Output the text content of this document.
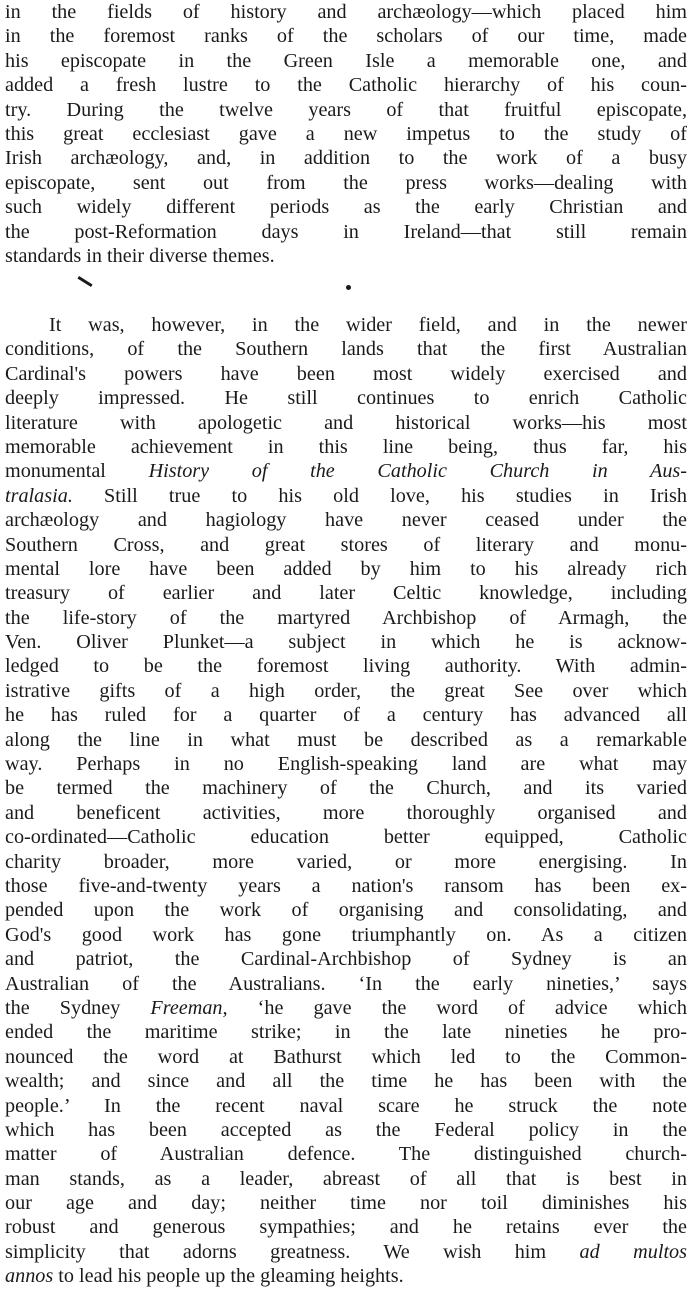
in the fields of history and archæology—which placed him
in the foremost ranks of the scholars of our time, made
his episcopate in the Green Isle a memorable one, and
added a fresh lustre to the Catholic hierarchy of his coun-
try. During the twelve years of that fruitful episcopate,
this great ecclesiast gave a new impetus to the study of
Irish archæology, and, in addition to the work of a busy
episcopate, sent out from the press works—dealing with
such widely different periods as the early Christian and
the post-Reformation days in Ireland—that still remain
standards in their diverse themes.
It was, however, in the wider field, and in the newer
conditions, of the Southern lands that the first Australian
Cardinal's powers have been most widely exercised and
deeply impressed. He still continues to enrich Catholic
literature with apologetic and historical works—his most
memorable achievement in this line being, thus far, his
monumental History of the Catholic Church in Aus-
tralasia. Still true to his old love, his studies in Irish
archæology and hagiology have never ceased under the
Southern Cross, and great stores of literary and monu-
mental lore have been added by him to his already rich
treasury of earlier and later Celtic knowledge, including
the life-story of the martyred Archbishop of Armagh, the
Ven. Oliver Plunket—a subject in which he is acknow-
ledged to be the foremost living authority. With admin-
istrative gifts of a high order, the great See over which
he has ruled for a quarter of a century has advanced all
along the line in what must be described as a remarkable
way. Perhaps in no English-speaking land are what may
be termed the machinery of the Church, and its varied
and beneficent activities, more thoroughly organised and
co-ordinated—Catholic education better equipped, Catholic
charity broader, more varied, or more energising. In
those five-and-twenty years a nation's ransom has been ex-
pended upon the work of organising and consolidating, and
God's good work has gone triumphantly on. As a citizen
and patriot, the Cardinal-Archbishop of Sydney is an
Australian of the Australians. ‘In the early nineties,’ says
the Sydney Freeman, ‘he gave the word of advice which
ended the maritime strike; in the late nineties he pro-
nounced the word at Bathurst which led to the Common-
wealth; and since and all the time he has been with the
people.’ In the recent naval scare he struck the note
which has been accepted as the Federal policy in the
matter of Australian defence. The distinguished church-
man stands, as a leader, abreast of all that is best in
our age and day; neither time nor toil diminishes his
robust and generous sympathies; and he retains ever the
simplicity that adorns greatness. We wish him ad multos
annos to lead his people up the gleaming heights.
